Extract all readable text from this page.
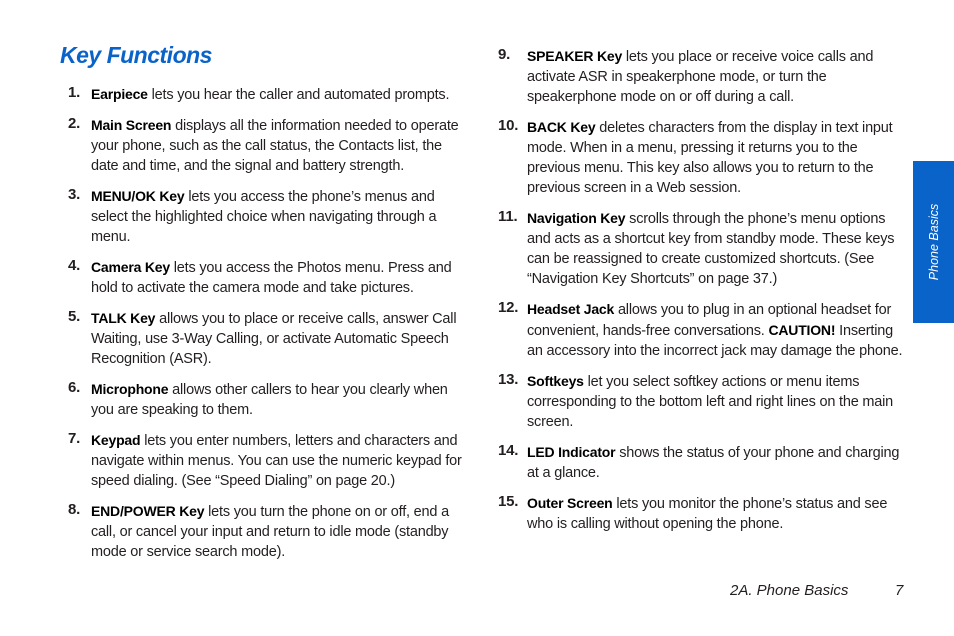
Key Functions
1. Earpiece lets you hear the caller and automated prompts.
2. Main Screen displays all the information needed to operate your phone, such as the call status, the Contacts list, the date and time, and the signal and battery strength.
3. MENU/OK Key lets you access the phone’s menus and select the highlighted choice when navigating through a menu.
4. Camera Key lets you access the Photos menu. Press and hold to activate the camera mode and take pictures.
5. TALK Key allows you to place or receive calls, answer Call Waiting, use 3-Way Calling, or activate Automatic Speech Recognition (ASR).
6. Microphone allows other callers to hear you clearly when you are speaking to them.
7. Keypad lets you enter numbers, letters and characters and navigate within menus. You can use the numeric keypad for speed dialing. (See “Speed Dialing” on page 20.)
8. END/POWER Key lets you turn the phone on or off, end a call, or cancel your input and return to idle mode (standby mode or service search mode).
9. SPEAKER Key lets you place or receive voice calls and activate ASR in speakerphone mode, or turn the speakerphone mode on or off during a call.
10. BACK Key deletes characters from the display in text input mode. When in a menu, pressing it returns you to the previous menu. This key also allows you to return to the previous screen in a Web session.
11. Navigation Key scrolls through the phone’s menu options and acts as a shortcut key from standby mode. These keys can be reassigned to create customized shortcuts. (See “Navigation Key Shortcuts” on page 37.)
12. Headset Jack allows you to plug in an optional headset for convenient, hands-free conversations. CAUTION! Inserting an accessory into the incorrect jack may damage the phone.
13. Softkeys let you select softkey actions or menu items corresponding to the bottom left and right lines on the main screen.
14. LED Indicator shows the status of your phone and charging at a glance.
15. Outer Screen lets you monitor the phone’s status and see who is calling without opening the phone.
Phone Basics
2A. Phone Basics	7
